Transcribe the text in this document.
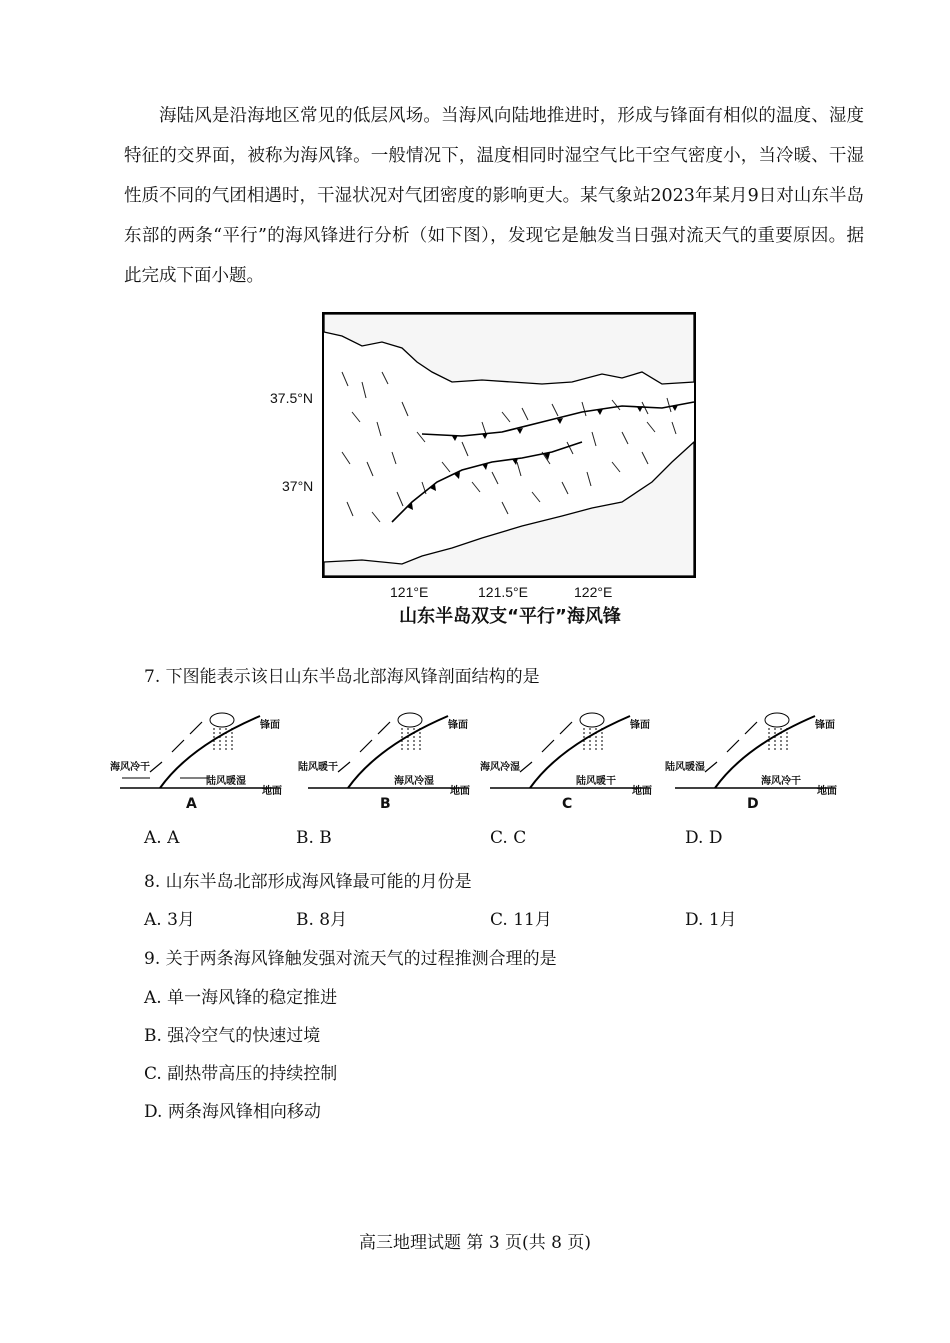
海陆风是沿海地区常见的低层风场。当海风向陆地推进时，形成与锋面有相似的温度、湿度特征的交界面，被称为海风锋。一般情况下，温度相同时湿空气比干空气密度小，当冷暖、干湿性质不同的气团相遇时，干湿状况对气团密度的影响更大。某气象站2023年某月9日对山东半岛东部的两条“平行”的海风锋进行分析（如下图），发现它是触发当日强对流天气的重要原因。据此完成下面小题。

37.5°N
37°N
121°E	121.5°E	122°E
山东半岛双支“平行”海风锋
7. 下图能表示该日山东半岛北部海风锋剖面结构的是
海风冷干
陆风暖湿
锋面
地面
A
陆风暖干
海风冷湿
锋面
地面
B
海风冷湿
陆风暖干
锋面
地面
C
陆风暖湿
海风冷干
锋面
地面
D
A. A	B. B	C. C	D. D
8. 山东半岛北部形成海风锋最可能的月份是
A. 3月	B. 8月	C. 11月	D. 1月
9. 关于两条海风锋触发强对流天气的过程推测合理的是
A. 单一海风锋的稳定推进
B. 强冷空气的快速过境
C. 副热带高压的持续控制
D. 两条海风锋相向移动
高三地理试题 第 3 页(共 8 页)
